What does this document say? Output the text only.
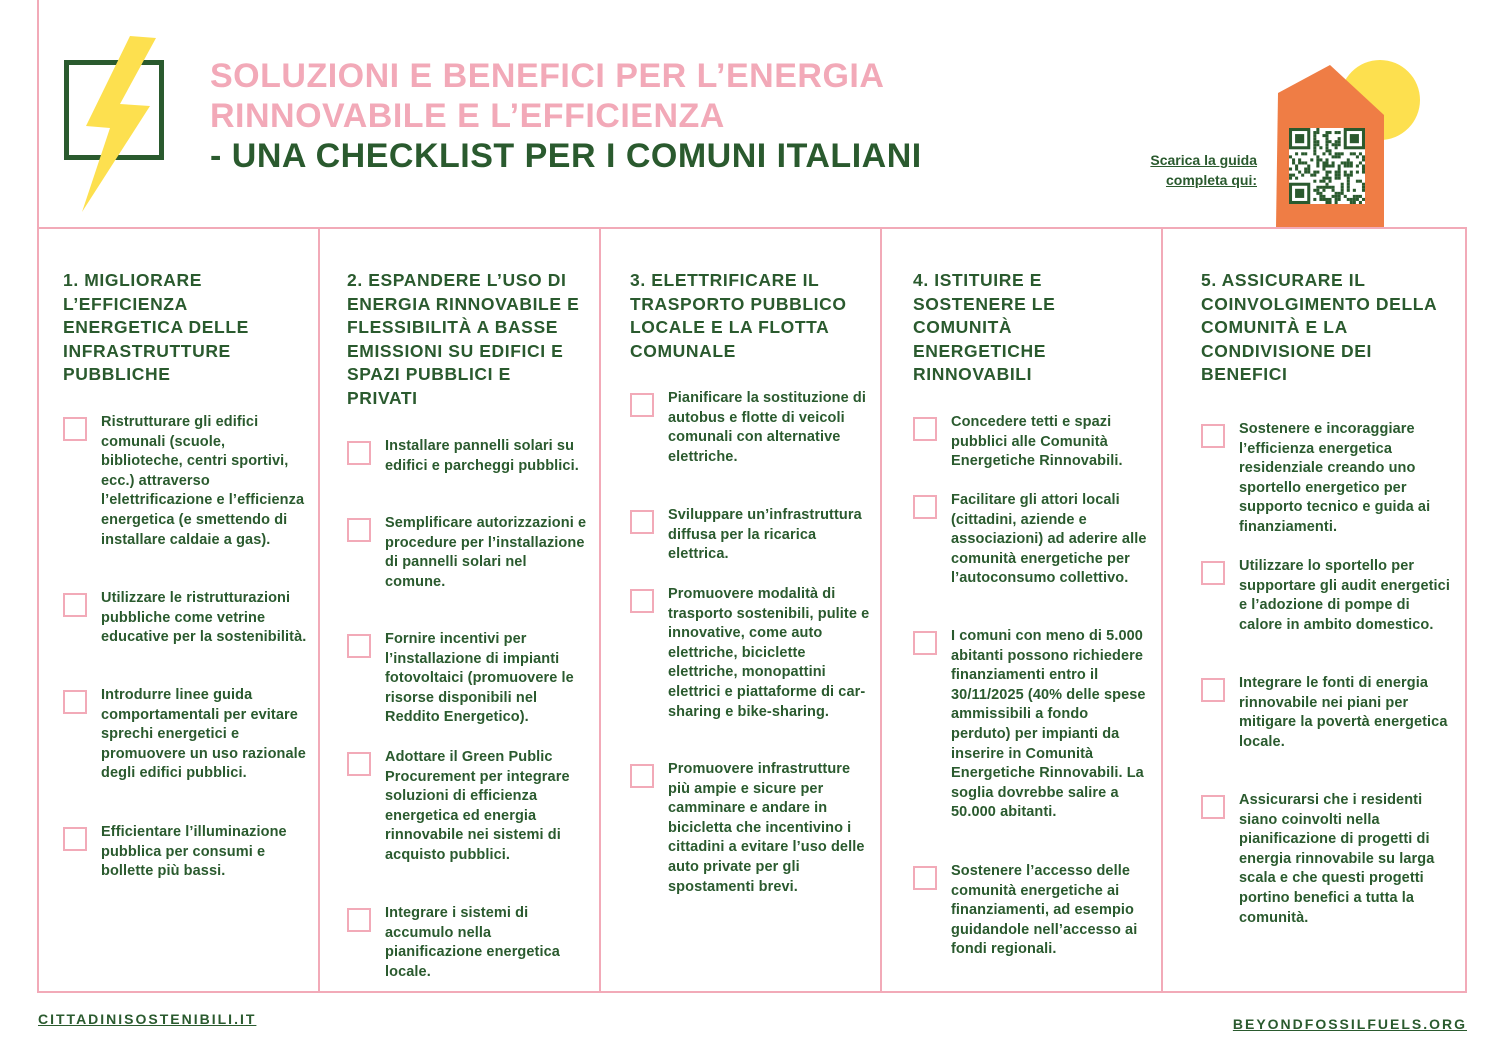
SOLUZIONI E BENEFICI PER L’ENERGIA
RINNOVABILE E L’EFFICIENZA
- UNA CHECKLIST PER I COMUNI ITALIANI	Scarica la guida
completa qui:
1. MIGLIORARE L’EFFICIENZA ENERGETICA DELLE INFRASTRUTTURE PUBBLICHE
Ristrutturare gli edifici comunali (scuole, biblioteche, centri sportivi, ecc.) attraverso l’elettrificazione e l’efficienza energetica (e smettendo di installare caldaie a gas).
Utilizzare le ristrutturazioni pubbliche come vetrine educative per la sostenibilità.
Introdurre linee guida comportamentali per evitare sprechi energetici e promuovere un uso razionale degli edifici pubblici.
Efficientare l’illuminazione pubblica per consumi e bollette più bassi.
2. ESPANDERE L’USO DI ENERGIA RINNOVABILE E FLESSIBILITÀ A BASSE EMISSIONI SU EDIFICI E SPAZI PUBBLICI E PRIVATI
Installare pannelli solari su edifici e parcheggi pubblici.
Semplificare autorizzazioni e procedure per l’installazione di pannelli solari nel comune.
Fornire incentivi per l’installazione di impianti fotovoltaici (promuovere le risorse disponibili nel Reddito Energetico).
Adottare il Green Public Procurement per integrare soluzioni di efficienza energetica ed energia rinnovabile nei sistemi di acquisto pubblici.
Integrare i sistemi di accumulo nella pianificazione energetica locale.
3. ELETTRIFICARE IL TRASPORTO PUBBLICO LOCALE E LA FLOTTA COMUNALE
Pianificare la sostituzione di autobus e flotte di veicoli comunali con alternative elettriche.
Sviluppare un’infrastruttura diffusa per la ricarica elettrica.
Promuovere modalità di trasporto sostenibili, pulite e innovative, come auto elettriche, biciclette elettriche, monopattini elettrici e piattaforme di car-sharing e bike-sharing.
Promuovere infrastrutture più ampie e sicure per camminare e andare in bicicletta che incentivino i cittadini a evitare l’uso delle auto private per gli spostamenti brevi.
4. ISTITUIRE E SOSTENERE LE COMUNITÀ ENERGETICHE RINNOVABILI
Concedere tetti e spazi pubblici alle Comunità Energetiche Rinnovabili.
Facilitare gli attori locali (cittadini, aziende e associazioni) ad aderire alle comunità energetiche per l’autoconsumo collettivo.
I comuni con meno di 5.000 abitanti possono richiedere finanziamenti entro il 30/11/2025 (40% delle spese ammissibili a fondo perduto) per impianti da inserire in Comunità Energetiche Rinnovabili. La soglia dovrebbe salire a 50.000 abitanti.
Sostenere l’accesso delle comunità energetiche ai finanziamenti, ad esempio guidandole nell’accesso ai fondi regionali.
5. ASSICURARE IL COINVOLGIMENTO DELLA COMUNITÀ E LA CONDIVISIONE DEI BENEFICI
Sostenere e incoraggiare l’efficienza energetica residenziale creando uno sportello energetico per supporto tecnico e guida ai finanziamenti.
Utilizzare lo sportello per supportare gli audit energetici e l’adozione di pompe di calore in ambito domestico.
Integrare le fonti di energia rinnovabile nei piani per mitigare la povertà energetica locale.
Assicurarsi che i residenti siano coinvolti nella pianificazione di progetti di energia rinnovabile su larga scala e che questi progetti portino benefici a tutta la comunità.
CITTADINISOSTENIBILI.IT	BEYONDFOSSILFUELS.ORG
